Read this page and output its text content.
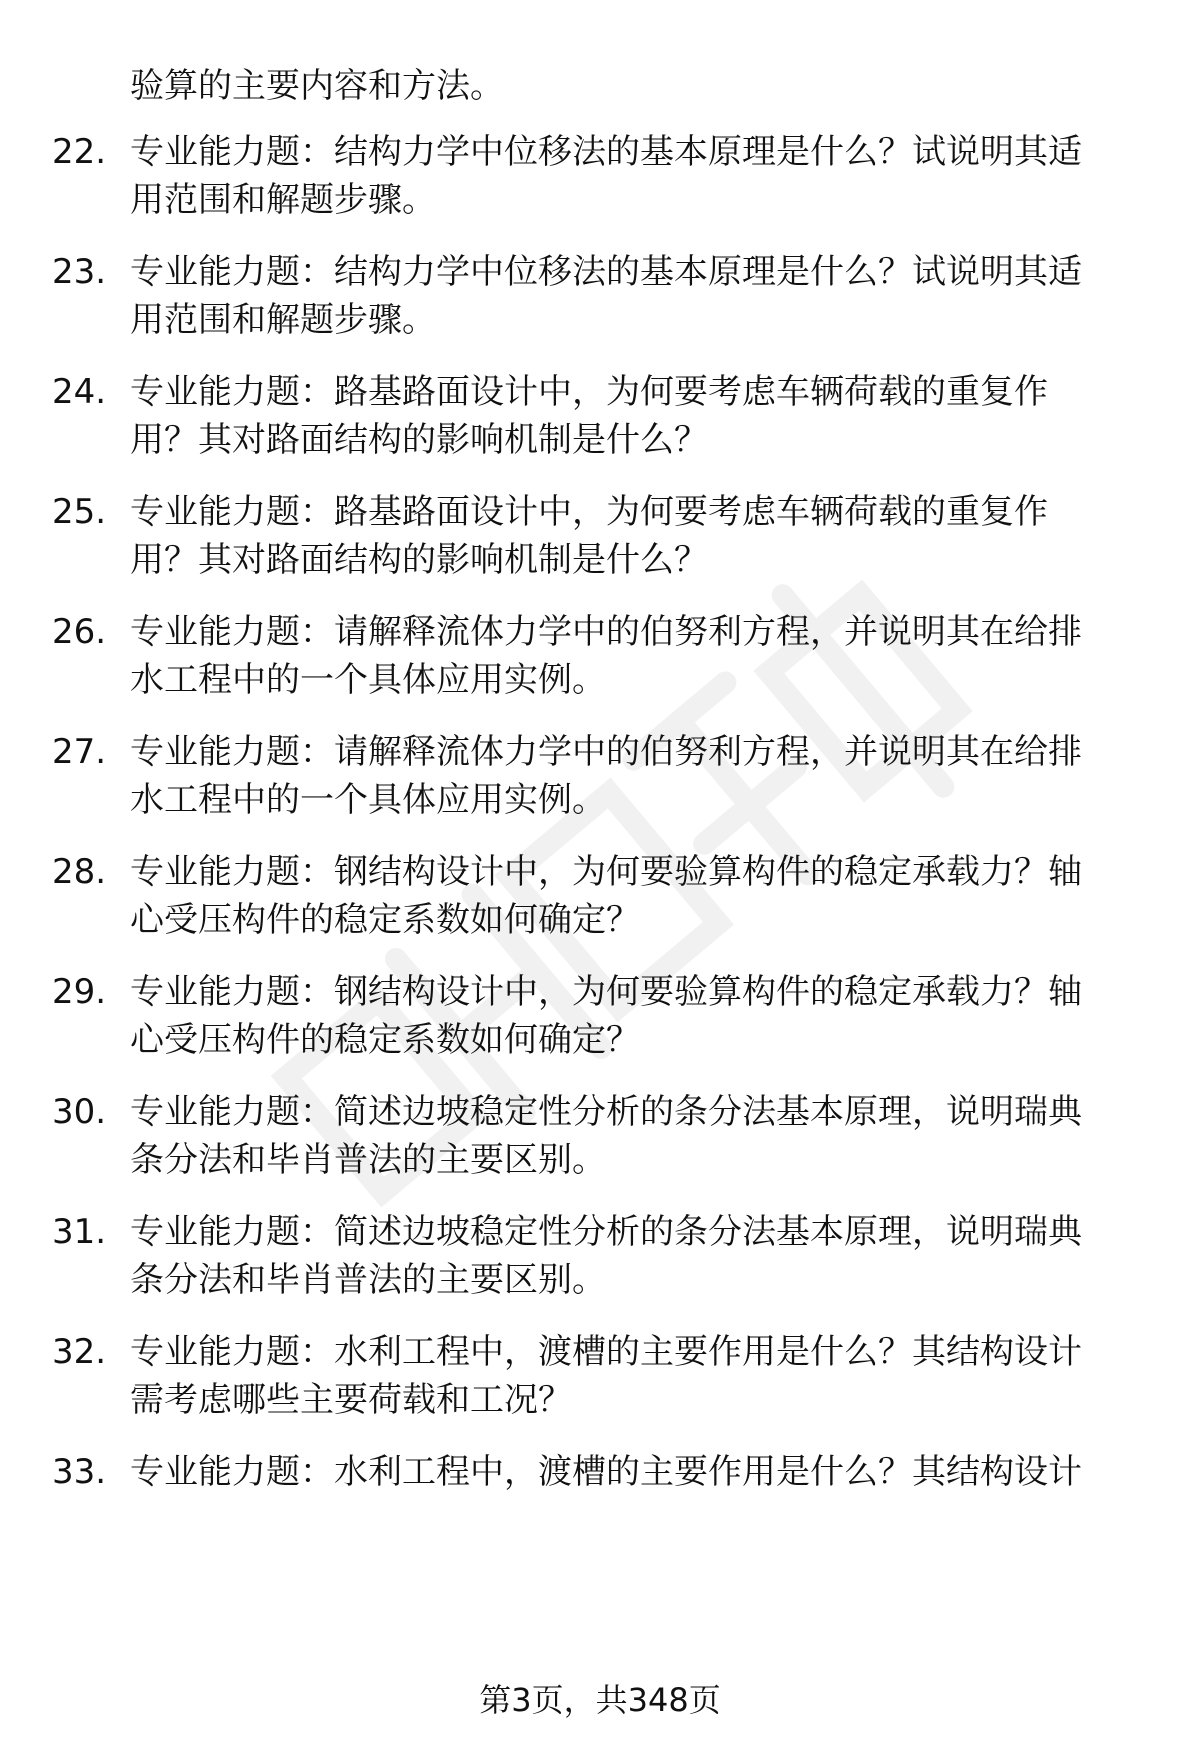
验算的主要内容和方法。
22. 专业能力题：结构力学中位移法的基本原理是什么？试说明其适
用范围和解题步骤。
23. 专业能力题：结构力学中位移法的基本原理是什么？试说明其适
用范围和解题步骤。
24. 专业能力题：路基路面设计中，为何要考虑车辆荷载的重复作
用？其对路面结构的影响机制是什么？
25. 专业能力题：路基路面设计中，为何要考虑车辆荷载的重复作
用？其对路面结构的影响机制是什么？
26. 专业能力题：请解释流体力学中的伯努利方程，并说明其在给排
水工程中的一个具体应用实例。
27. 专业能力题：请解释流体力学中的伯努利方程，并说明其在给排
水工程中的一个具体应用实例。
28. 专业能力题：钢结构设计中，为何要验算构件的稳定承载力？轴
心受压构件的稳定系数如何确定？
29. 专业能力题：钢结构设计中，为何要验算构件的稳定承载力？轴
心受压构件的稳定系数如何确定？
30. 专业能力题：简述边坡稳定性分析的条分法基本原理，说明瑞典
条分法和毕肖普法的主要区别。
31. 专业能力题：简述边坡稳定性分析的条分法基本原理，说明瑞典
条分法和毕肖普法的主要区别。
32. 专业能力题：水利工程中，渡槽的主要作用是什么？其结构设计
需考虑哪些主要荷载和工况？
33. 专业能力题：水利工程中，渡槽的主要作用是什么？其结构设计
第3页，共348页
